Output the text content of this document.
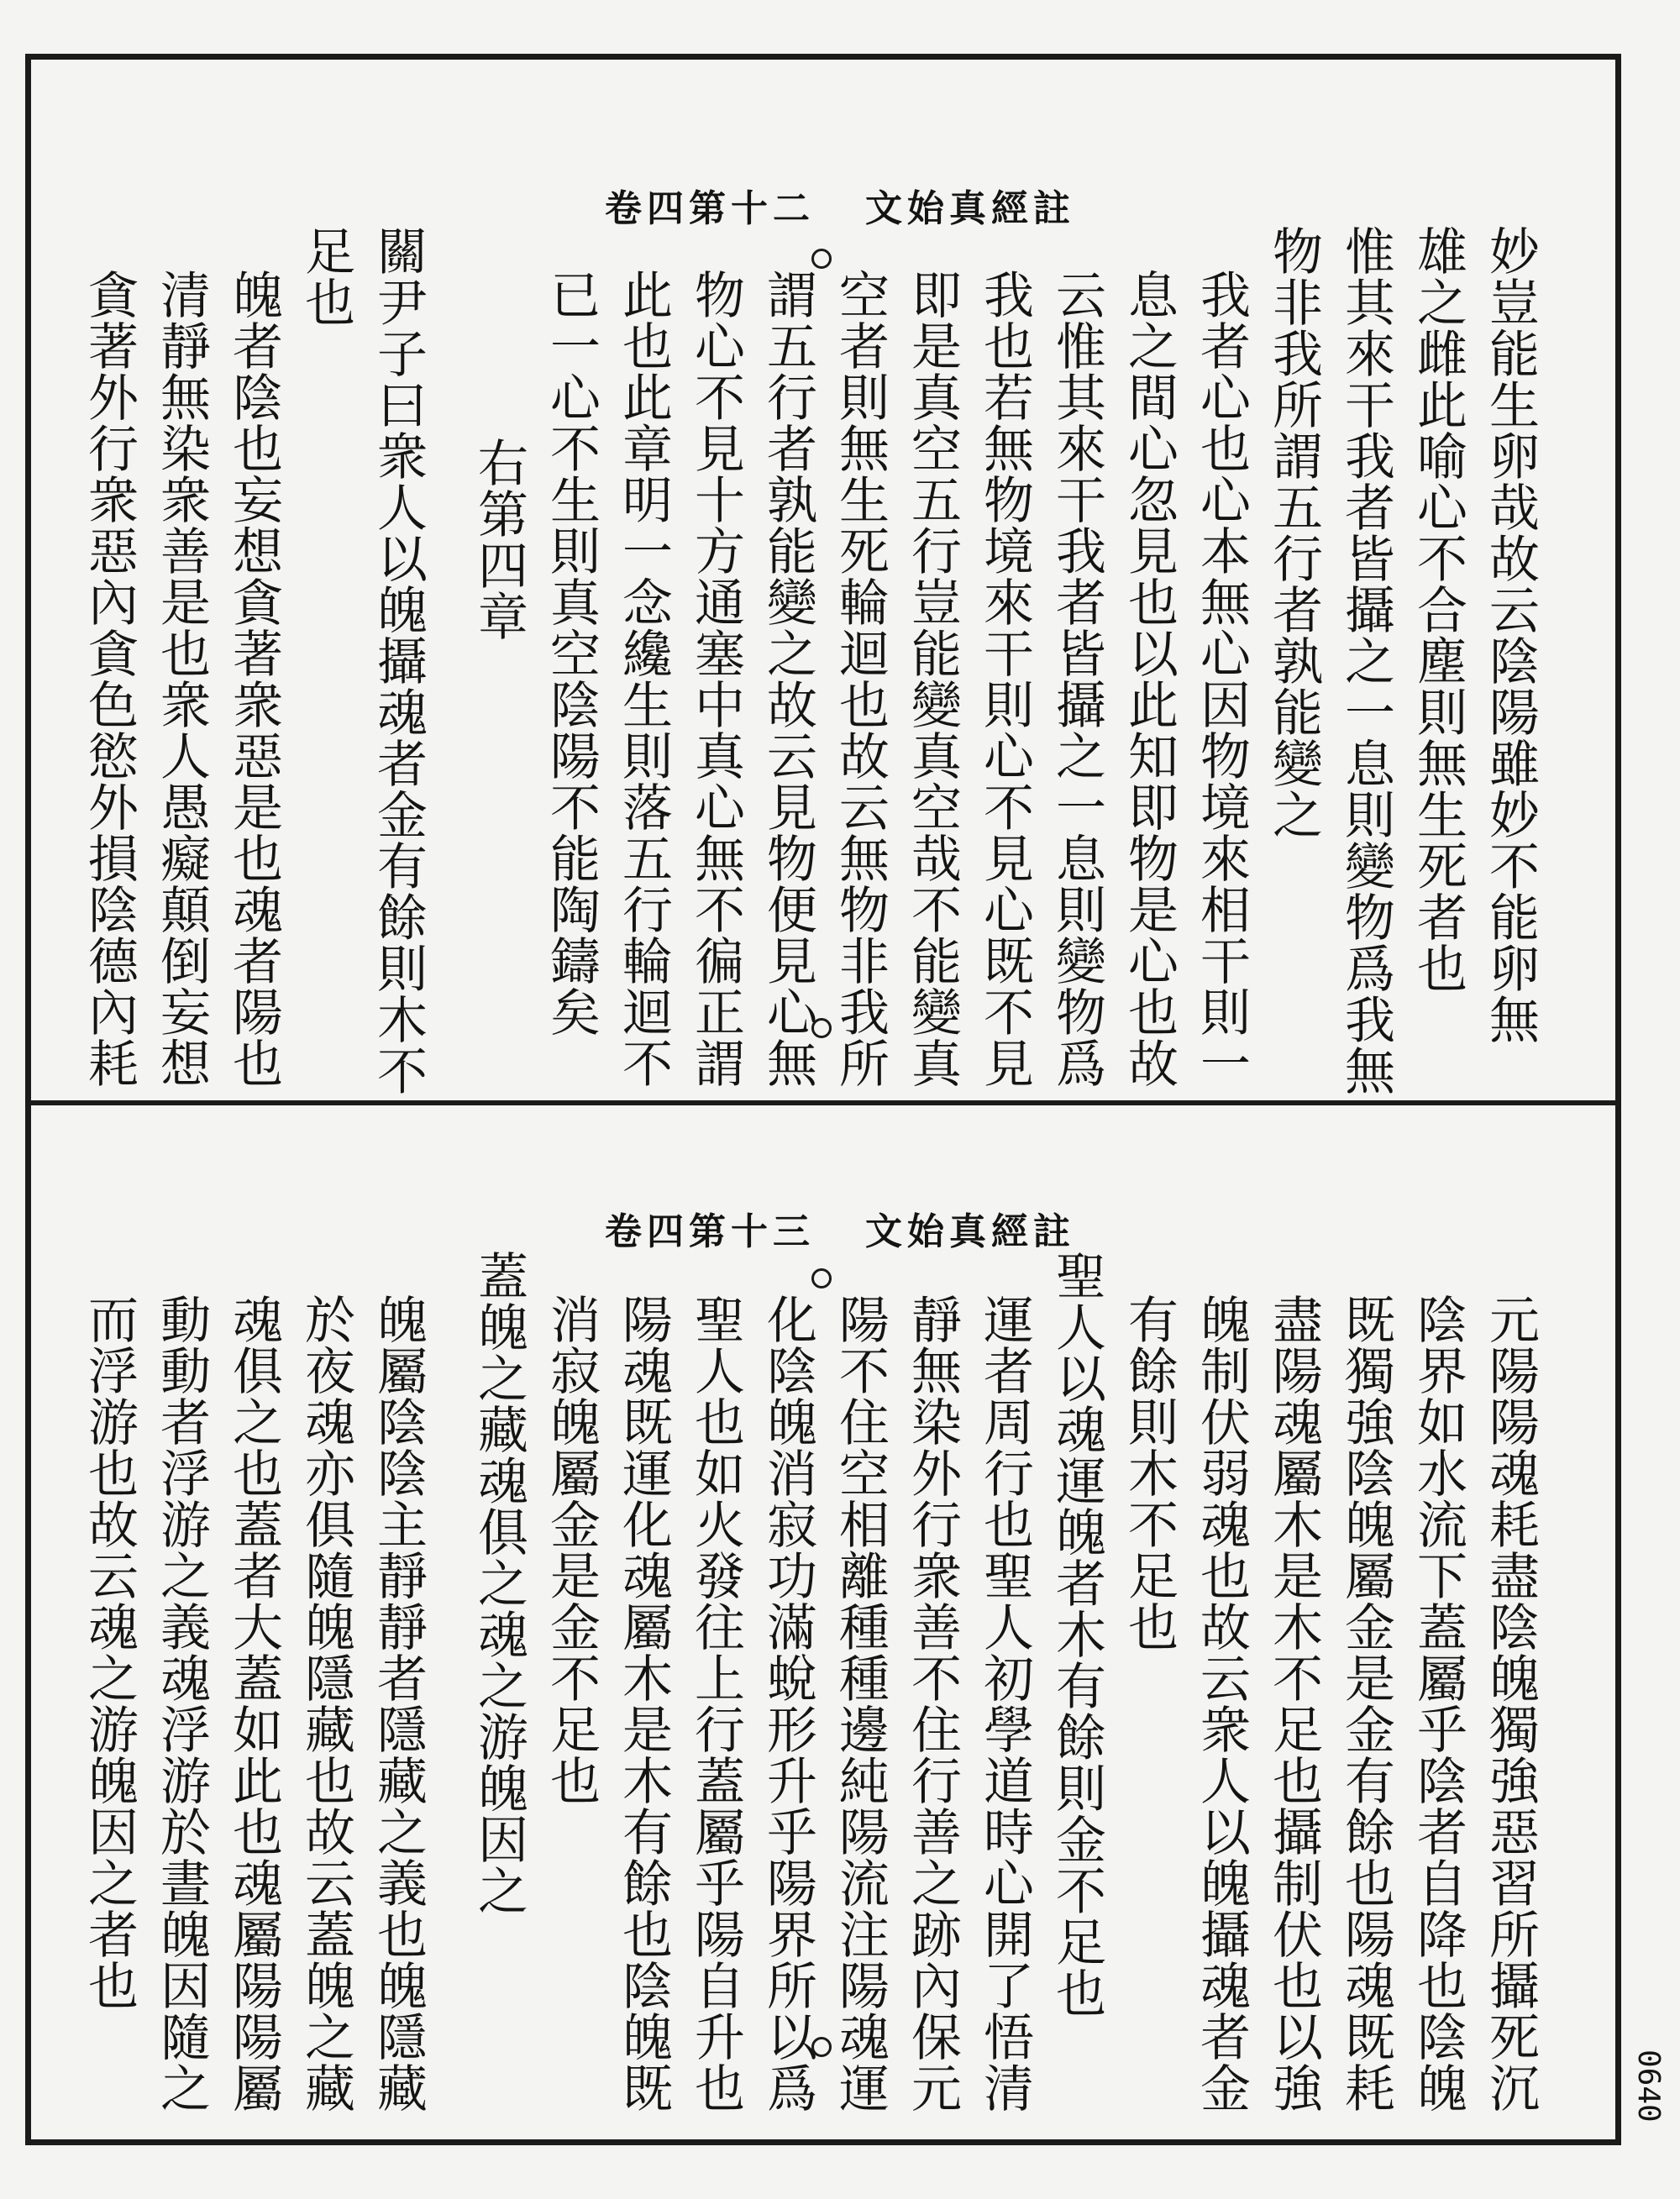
卷四第十二 文始真經註
妙豈能生卵哉故云陰陽雖妙不能卵無
雄之雌此喻心不合塵則無生死者也
惟其來干我者皆攝之一息則變物爲我無
物非我所謂五行者孰能變之
我者心也心本無心因物境來相干則一
息之間心忽見也以此知即物是心也故
云惟其來干我者皆攝之一息則變物爲
我也若無物境來干則心不見心既不見
即是真空五行豈能變真空哉不能變真
空者則無生死輪迴也故云無物非我所
謂五行者孰能變之故云見物便見心無
物心不見十方通塞中真心無不徧正謂
此也此章明一念纔生則落五行輪迴不
已一心不生則真空陰陽不能陶鑄矣
右第四章
關尹子曰衆人以魄攝魂者金有餘則木不
足也
魄者陰也妄想貪著衆惡是也魂者陽也
清靜無染衆善是也衆人愚癡顛倒妄想
貪著外行衆惡內貪色慾外損陰德內耗
卷四第十三 文始真經註
元陽陽魂耗盡陰魄獨強惡習所攝死沉
陰界如水流下蓋屬乎陰者自降也陰魄
既獨強陰魄屬金是金有餘也陽魂既耗
盡陽魂屬木是木不足也攝制伏也以強
魄制伏弱魂也故云衆人以魄攝魂者金
有餘則木不足也
聖人以魂運魄者木有餘則金不足也
運者周行也聖人初學道時心開了悟清
靜無染外行衆善不住行善之跡內保元
陽不住空相離種種邊純陽流注陽魂運
化陰魄消寂功滿蛻形升乎陽界所以爲
聖人也如火發往上行蓋屬乎陽自升也
陽魂既運化魂屬木是木有餘也陰魄既
消寂魄屬金是金不足也
蓋魄之藏魂俱之魂之游魄因之
魄屬陰陰主靜靜者隱藏之義也魄隱藏
於夜魂亦俱隨魄隱藏也故云蓋魄之藏
魂俱之也蓋者大蓋如此也魂屬陽陽屬
動動者浮游之義魂浮游於晝魄因隨之
而浮游也故云魂之游魄因之者也
0640
